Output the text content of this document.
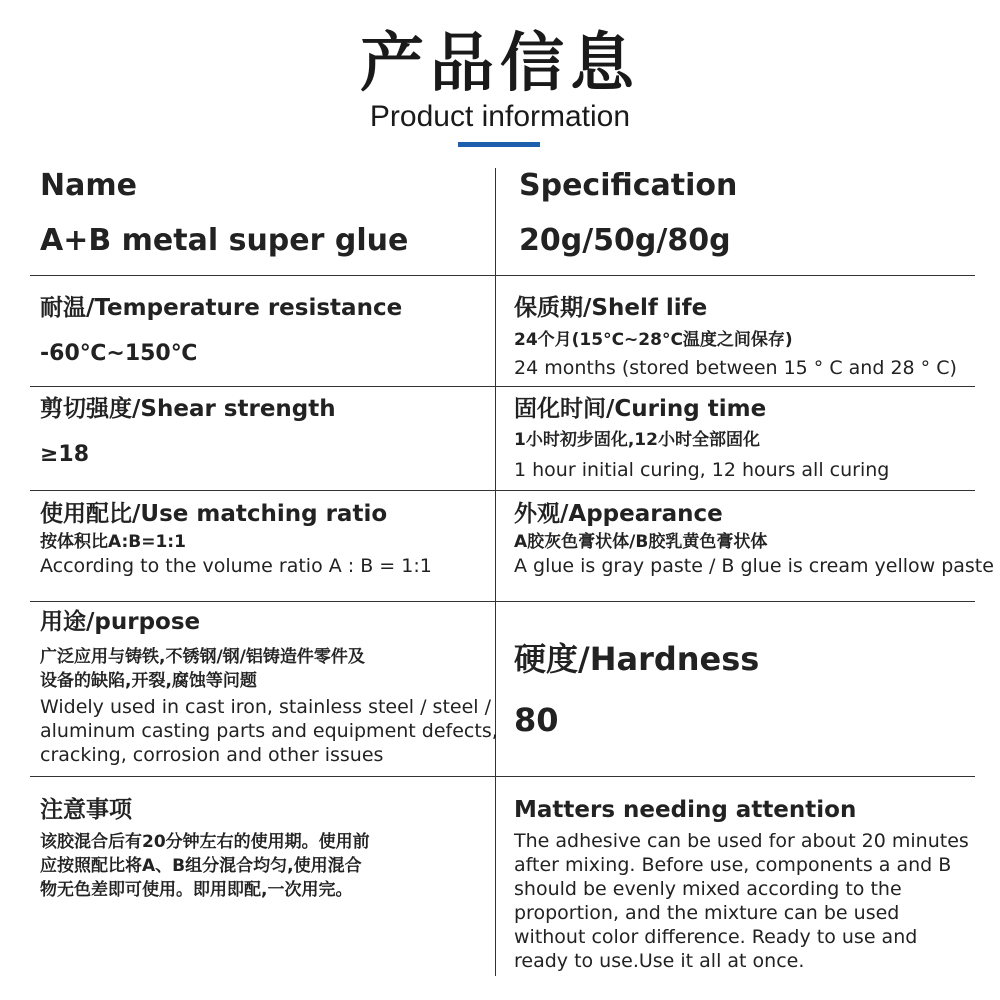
产品信息
Product information
Name
A+B metal super glue
Specification
20g/50g/80g
耐温/Temperature resistance
-60℃~150℃
保质期/Shelf life
24个月(15°C~28°C温度之间保存)
24 months (stored between 15 ° C and 28 ° C)
剪切强度/Shear strength
≥18
固化时间/Curing time
1小时初步固化,12小时全部固化
1 hour initial curing, 12 hours all curing
使用配比/Use matching ratio
按体积比A:B=1:1
According to the volume ratio A : B = 1:1
外观/Appearance
A胶灰色膏状体/B胶乳黄色膏状体
A glue is gray paste / B glue is cream yellow paste
用途/purpose
广泛应用与铸铁,不锈钢/钢/铝铸造件零件及
设备的缺陷,开裂,腐蚀等问题
Widely used in cast iron, stainless steel / steel /
aluminum casting parts and equipment defects,
cracking, corrosion and other issues
硬度/Hardness
80
注意事项
该胶混合后有20分钟左右的使用期。使用前
应按照配比将A、B组分混合均匀,使用混合
物无色差即可使用。即用即配,一次用完。
Matters needing attention
The adhesive can be used for about 20 minutes
after mixing. Before use, components a and B
should be evenly mixed according to the
proportion, and the mixture can be used
without color difference. Ready to use and
ready to use.Use it all at once.
